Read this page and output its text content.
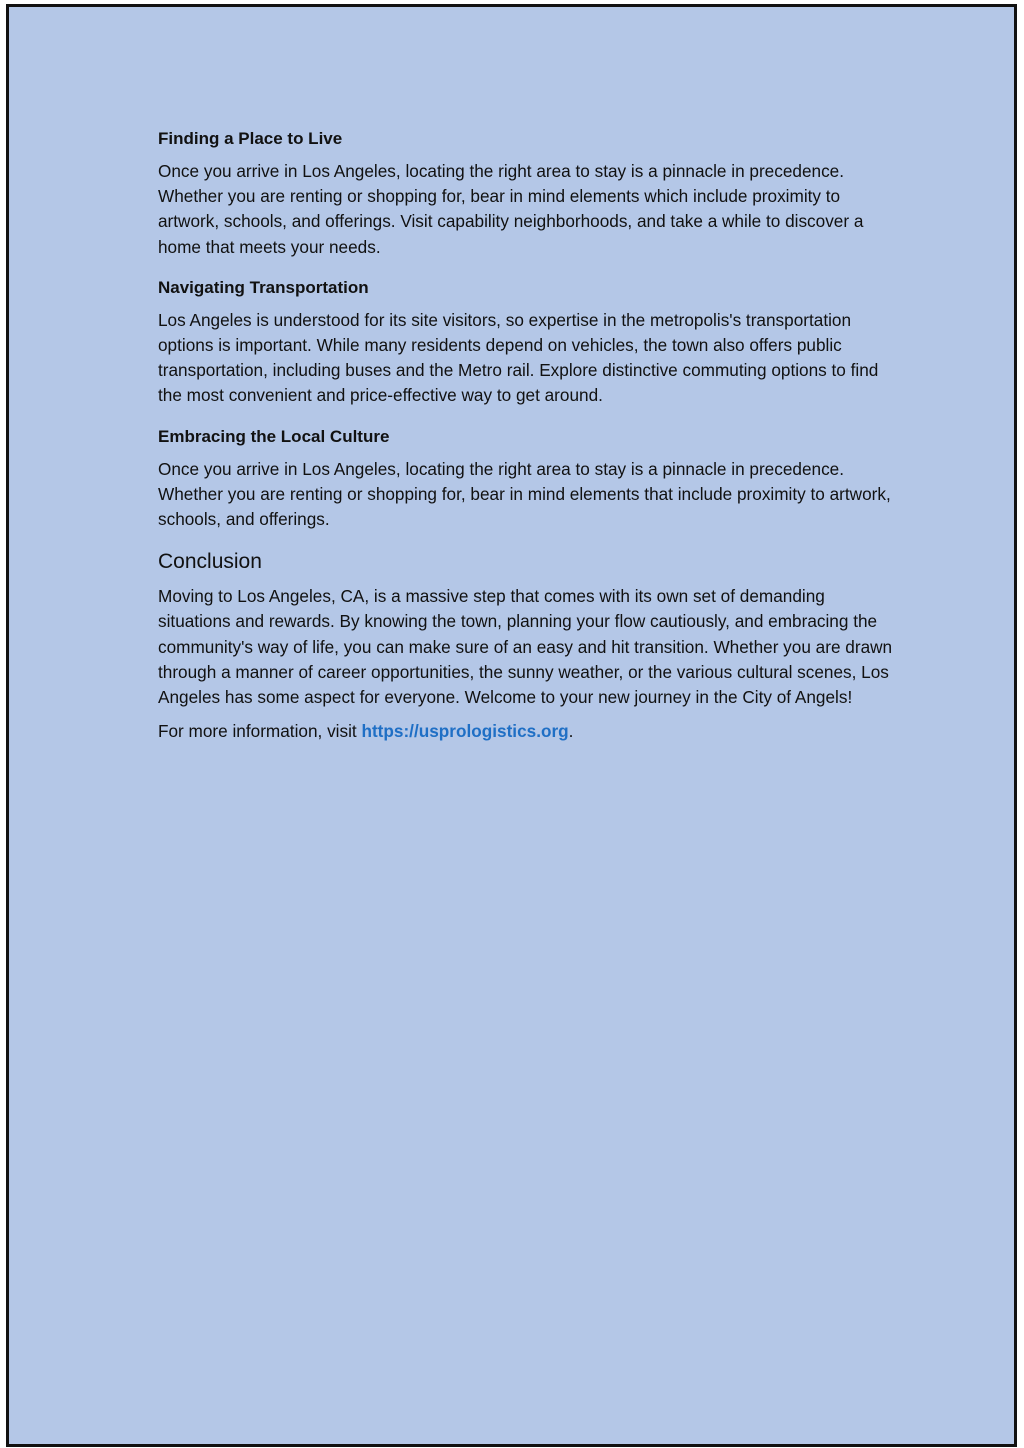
Finding a Place to Live

Once you arrive in Los Angeles, locating the right area to stay is a pinnacle in precedence. Whether you are renting or shopping for, bear in mind elements which include proximity to artwork, schools, and offerings. Visit capability neighborhoods, and take a while to discover a home that meets your needs.

Navigating Transportation

Los Angeles is understood for its site visitors, so expertise in the metropolis's transportation options is important. While many residents depend on vehicles, the town also offers public transportation, including buses and the Metro rail. Explore distinctive commuting options to find the most convenient and price-effective way to get around.

Embracing the Local Culture

Once you arrive in Los Angeles, locating the right area to stay is a pinnacle in precedence. Whether you are renting or shopping for, bear in mind elements that include proximity to artwork, schools, and offerings.

Conclusion

Moving to Los Angeles, CA, is a massive step that comes with its own set of demanding situations and rewards. By knowing the town, planning your flow cautiously, and embracing the community's way of life, you can make sure of an easy and hit transition. Whether you are drawn through a manner of career opportunities, the sunny weather, or the various cultural scenes, Los Angeles has some aspect for everyone. Welcome to your new journey in the City of Angels!

For more information, visit https://usprologistics.org.
